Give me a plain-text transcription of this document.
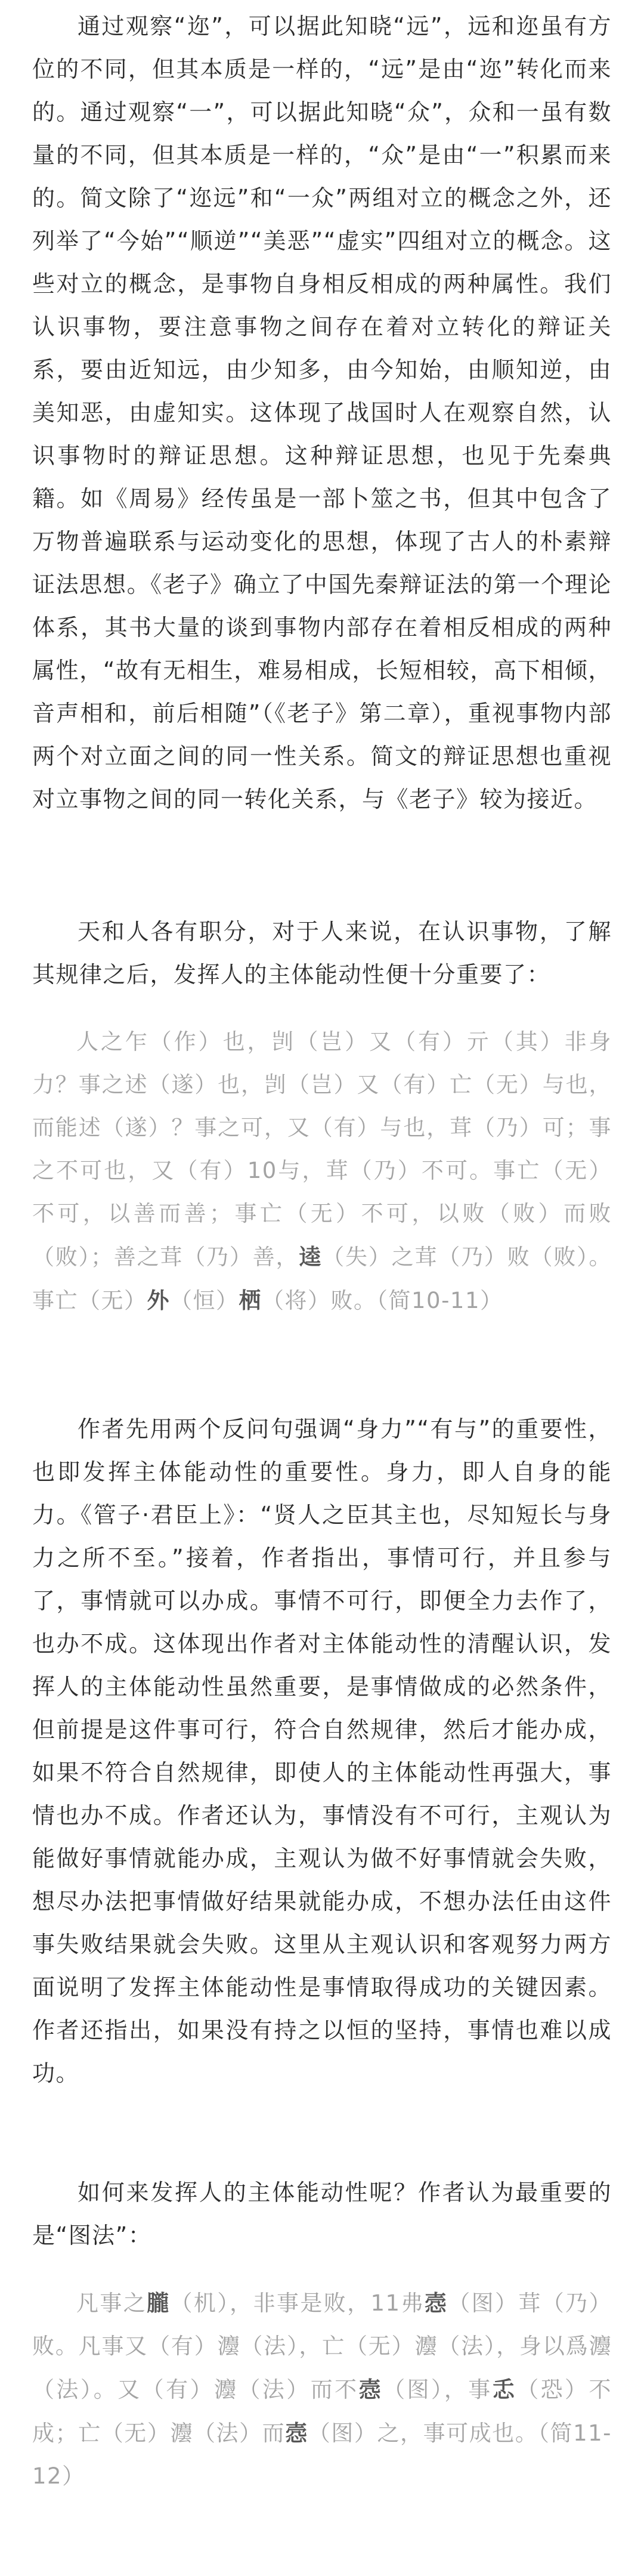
通过观察“迩”，可以据此知晓“远”，远和迩虽有方位的不同，但其本质是一样的，“远”是由“迩”转化而来的。通过观察“一”，可以据此知晓“众”，众和一虽有数量的不同，但其本质是一样的，“众”是由“一”积累而来的。简文除了“迩远”和“一众”两组对立的概念之外，还列举了“今始”“顺逆”“美恶”“虚实”四组对立的概念。这些对立的概念，是事物自身相反相成的两种属性。我们认识事物，要注意事物之间存在着对立转化的辩证关系，要由近知远，由少知多，由今知始，由顺知逆，由美知恶，由虚知实。这体现了战国时人在观察自然，认识事物时的辩证思想。这种辩证思想，也见于先秦典籍。如《周易》经传虽是一部卜筮之书，但其中包含了万物普遍联系与运动变化的思想，体现了古人的朴素辩证法思想。《老子》确立了中国先秦辩证法的第一个理论体系，其书大量的谈到事物内部存在着相反相成的两种属性，“故有无相生，难易相成，长短相较，高下相倾，音声相和，前后相随”（《老子》第二章），重视事物内部两个对立面之间的同一性关系。简文的辩证思想也重视对立事物之间的同一转化关系，与《老子》较为接近。

天和人各有职分，对于人来说，在认识事物，了解其规律之后，发挥人的主体能动性便十分重要了：

人之乍（作）也，剀（岂）又（有）亓（其）非身力？事之述（遂）也，剀（岂）又（有）亡（无）与也，而能述（遂）？事之可，又（有）与也，茸（乃）可；事之不可也，又（有）10与，茸（乃）不可。事亡（无）不可，以善而善；事亡（无）不可，以败（败）而败（败）；善之茸（乃）善，逵（失）之茸（乃）败（败）。事亡（无）外（恒）栖（将）败。（简10-11）

作者先用两个反问句强调“身力”“有与”的重要性，也即发挥主体能动性的重要性。身力，即人自身的能力。《管子·君臣上》：“贤人之臣其主也，尽知短长与身力之所不至。”接着，作者指出，事情可行，并且参与了，事情就可以办成。事情不可行，即便全力去作了，也办不成。这体现出作者对主体能动性的清醒认识，发挥人的主体能动性虽然重要，是事情做成的必然条件，但前提是这件事可行，符合自然规律，然后才能办成，如果不符合自然规律，即使人的主体能动性再强大，事情也办不成。作者还认为，事情没有不可行，主观认为能做好事情就能办成，主观认为做不好事情就会失败，想尽办法把事情做好结果就能办成，不想办法任由这件事失败结果就会失败。这里从主观认识和客观努力两方面说明了发挥主体能动性是事情取得成功的关键因素。作者还指出，如果没有持之以恒的坚持，事情也难以成功。

如何来发挥人的主体能动性呢？作者认为最重要的是“图法”：

凡事之朧（机），非事是败，11弗悫（图）茸（乃）败。凡事又（有）灋（法），亡（无）灋（法），身以爲灋（法）。又（有）灋（法）而不悫（图），事忎（恐）不成；亡（无）灋（法）而悫（图）之，事可成也。（简11-12）
